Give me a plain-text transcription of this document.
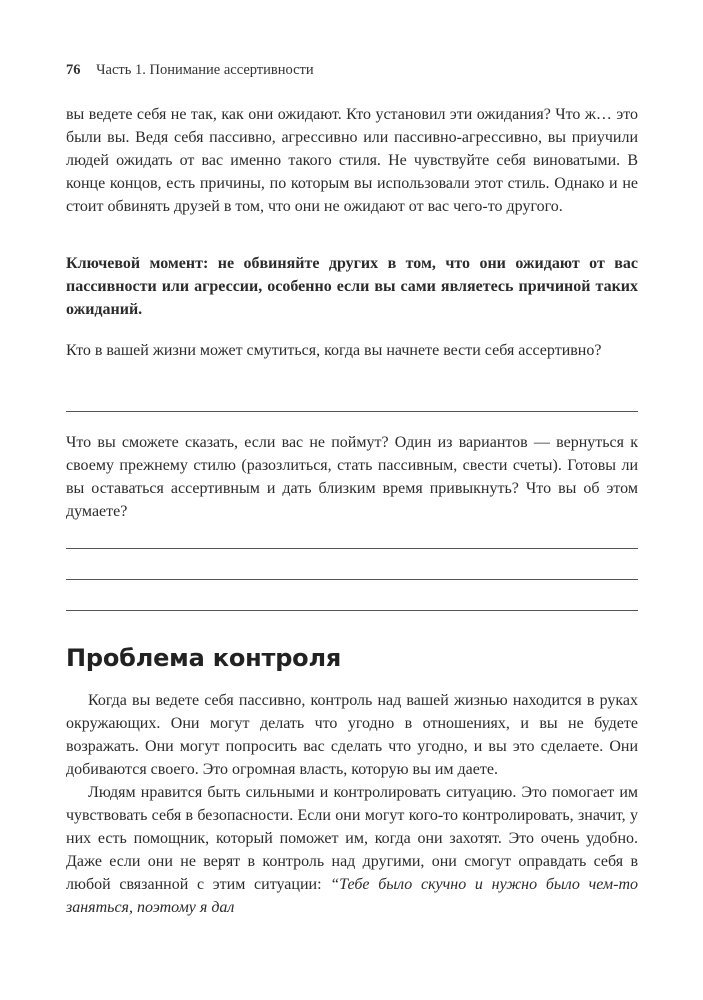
76 Часть 1. Понимание ассертивности
вы ведете себя не так, как они ожидают. Кто установил эти ожидания? Что ж… это были вы. Ведя себя пассивно, агрессивно или пассивно-агрессивно, вы приучили людей ожидать от вас именно такого стиля. Не чувствуйте себя виноватыми. В конце концов, есть причины, по которым вы использовали этот стиль. Однако и не стоит обвинять друзей в том, что они не ожидают от вас чего-то другого.
Ключевой момент: не обвиняйте других в том, что они ожидают от вас пассивности или агрессии, особенно если вы сами являетесь причиной таких ожиданий.
Кто в вашей жизни может смутиться, когда вы начнете вести себя ассертивно?
Что вы сможете сказать, если вас не поймут? Один из вариантов — вернуться к своему прежнему стилю (разозлиться, стать пассивным, свести счеты). Готовы ли вы оставаться ассертивным и дать близким время привыкнуть? Что вы об этом думаете?
Проблема контроля

Когда вы ведете себя пассивно, контроль над вашей жизнью находится в руках окружающих. Они могут делать что угодно в отношениях, и вы не будете возражать. Они могут попросить вас сделать что угодно, и вы это сделаете. Они добиваются своего. Это огромная власть, которую вы им даете.

Людям нравится быть сильными и контролировать ситуацию. Это помогает им чувствовать себя в безопасности. Если они могут кого-то контролировать, значит, у них есть помощник, который поможет им, когда они захотят. Это очень удобно. Даже если они не верят в контроль над другими, они смогут оправдать себя в любой связанной с этим ситуации: “Тебе было скучно и нужно было чем-то заняться, поэтому я дал
